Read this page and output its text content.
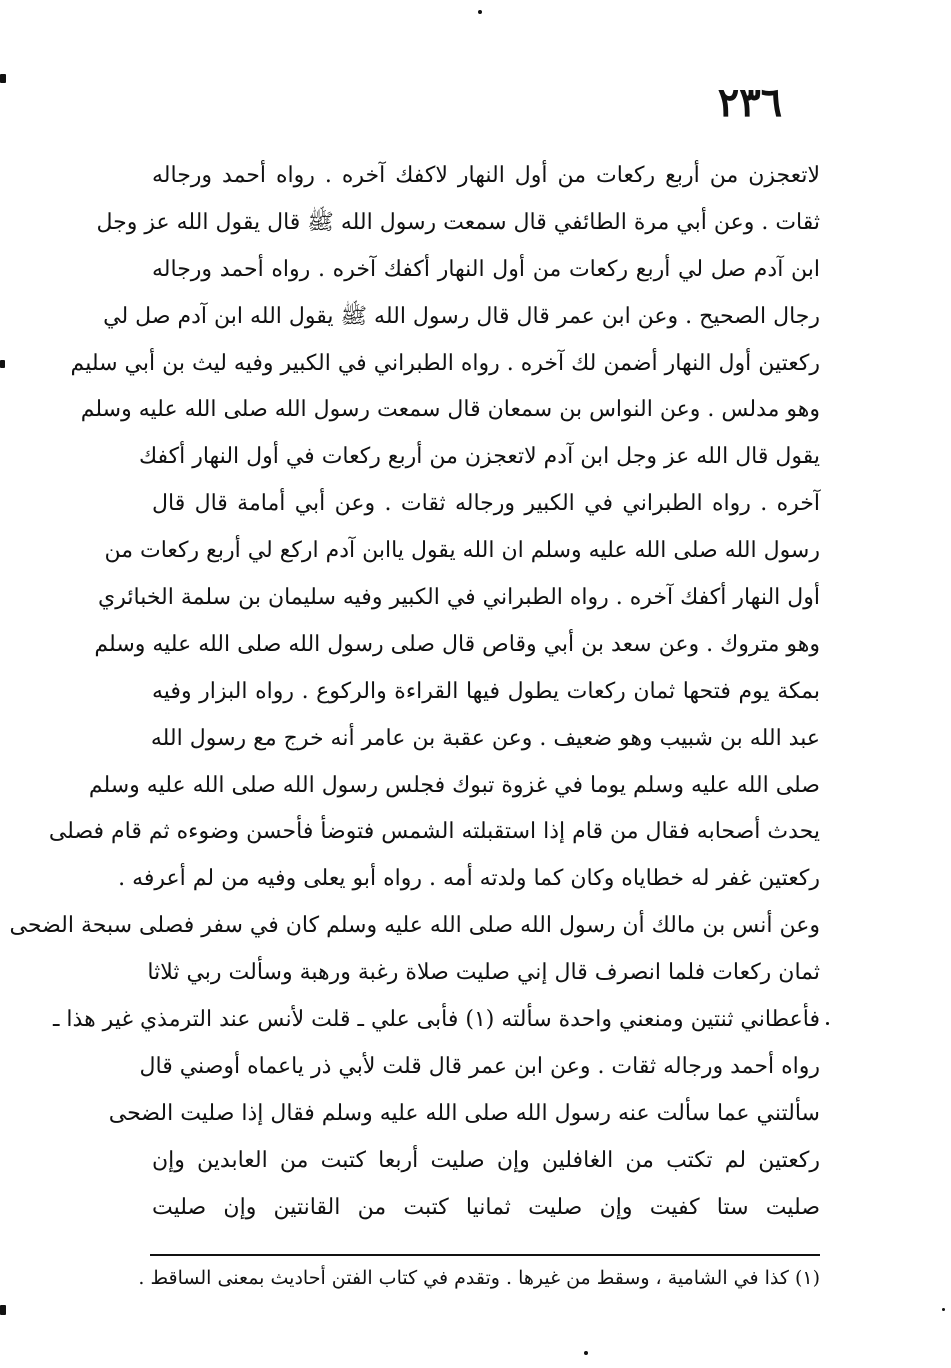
٢٣٦
لاتعجزن من أربع ركعات من أول النهار لاكفك آخره . رواه أحمد ورجاله
ثقات . وعن أبي مرة الطائفي قال سمعت رسول الله ﷺ قال يقول الله عز وجل
ابن آدم صل لي أربع ركعات من أول النهار أكفك آخره . رواه أحمد ورجاله
رجال الصحيح . وعن ابن عمر قال قال رسول الله ﷺ يقول الله ابن آدم صل لي
ركعتين أول النهار أضمن لك آخره . رواه الطبراني في الكبير وفيه ليث بن أبي سليم
وهو مدلس . وعن النواس بن سمعان قال سمعت رسول الله صلى الله عليه وسلم
يقول قال الله عز وجل ابن آدم لاتعجزن من أربع ركعات في أول النهار أكفك
آخره . رواه الطبراني في الكبير ورجاله ثقات . وعن أبي أمامة قال قال
رسول الله صلى الله عليه وسلم ان الله يقول ياابن آدم اركع لي أربع ركعات من
أول النهار أكفك آخره . رواه الطبراني في الكبير وفيه سليمان بن سلمة الخبائري
وهو متروك . وعن سعد بن أبي وقاص قال صلى رسول الله صلى الله عليه وسلم
بمكة يوم فتحها ثمان ركعات يطول فيها القراءة والركوع . رواه البزار وفيه
عبد الله بن شبيب وهو ضعيف . وعن عقبة بن عامر أنه خرج مع رسول الله
صلى الله عليه وسلم يوما في غزوة تبوك فجلس رسول الله صلى الله عليه وسلم
يحدث أصحابه فقال من قام إذا استقبلته الشمس فتوضأ فأحسن وضوءه ثم قام فصلى
ركعتين غفر له خطاياه وكان كما ولدته أمه . رواه أبو يعلى وفيه من لم أعرفه .
وعن أنس بن مالك أن رسول الله صلى الله عليه وسلم كان في سفر فصلى سبحة الضحى
ثمان ركعات فلما انصرف قال إني صليت صلاة رغبة ورهبة وسألت ربي ثلاثا
فأعطاني ثنتين ومنعني واحدة سألته (١) فأبى علي ـ قلت لأنس عند الترمذي غير هذا ـ
رواه أحمد ورجاله ثقات . وعن ابن عمر قال قلت لأبي ذر ياعماه أوصني قال
سألتني عما سألت عنه رسول الله صلى الله عليه وسلم فقال إذا صليت الضحى
ركعتين لم تكتب من الغافلين وإن صليت أربعا كتبت من العابدين وإن
صليت ستا كفيت وإن صليت ثمانيا كتبت من القانتين وإن صليت
(١) كذا في الشامية ، وسقط من غيرها . وتقدم في كتاب الفتن أحاديث بمعنى الساقط .
